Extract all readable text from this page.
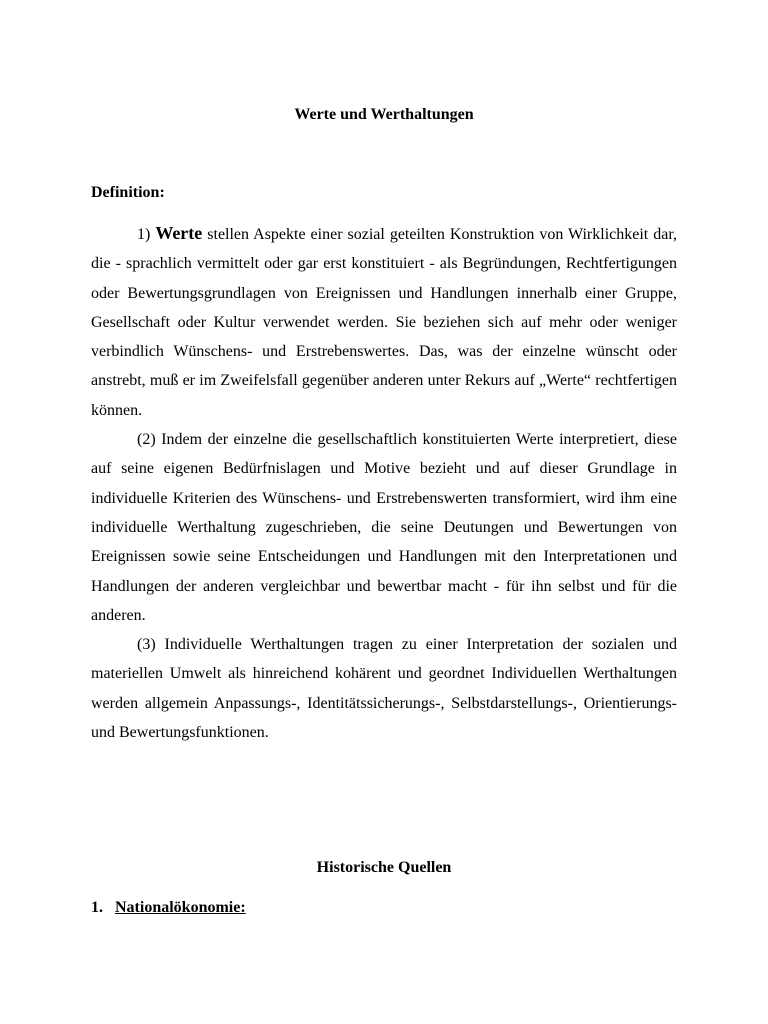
Werte und Werthaltungen
Definition:

1) Werte stellen Aspekte einer sozial geteilten Konstruktion von Wirklichkeit dar, die - sprachlich vermittelt oder gar erst konstituiert - als Begründungen, Rechtfertigungen oder Bewertungsgrundlagen von Ereignissen und Handlungen innerhalb einer Gruppe, Gesellschaft oder Kultur verwendet werden. Sie beziehen sich auf mehr oder weniger verbindlich Wünschens- und Erstrebenswertes. Das, was der einzelne wünscht oder anstrebt, muß er im Zweifelsfall gegenüber anderen unter Rekurs auf „Werte“ rechtfertigen können.

(2) Indem der einzelne die gesellschaftlich konstituierten Werte interpretiert, diese auf seine eigenen Bedürfnislagen und Motive bezieht und auf dieser Grundlage in individuelle Kriterien des Wünschens- und Erstrebenswerten transformiert, wird ihm eine individuelle Werthaltung zugeschrieben, die seine Deutungen und Bewertungen von Ereignissen sowie seine Entscheidungen und Handlungen mit den Interpretationen und Handlungen der anderen vergleichbar und bewertbar macht - für ihn selbst und für die anderen.

(3) Individuelle Werthaltungen tragen zu einer Interpretation der sozialen und materiellen Umwelt als hinreichend kohärent und geordnet Individuellen Werthaltungen werden allgemein Anpassungs-, Identitätssicherungs-, Selbstdarstellungs-, Orientierungs- und Bewertungsfunktionen.

Historische Quellen
1. Nationalökonomie:
